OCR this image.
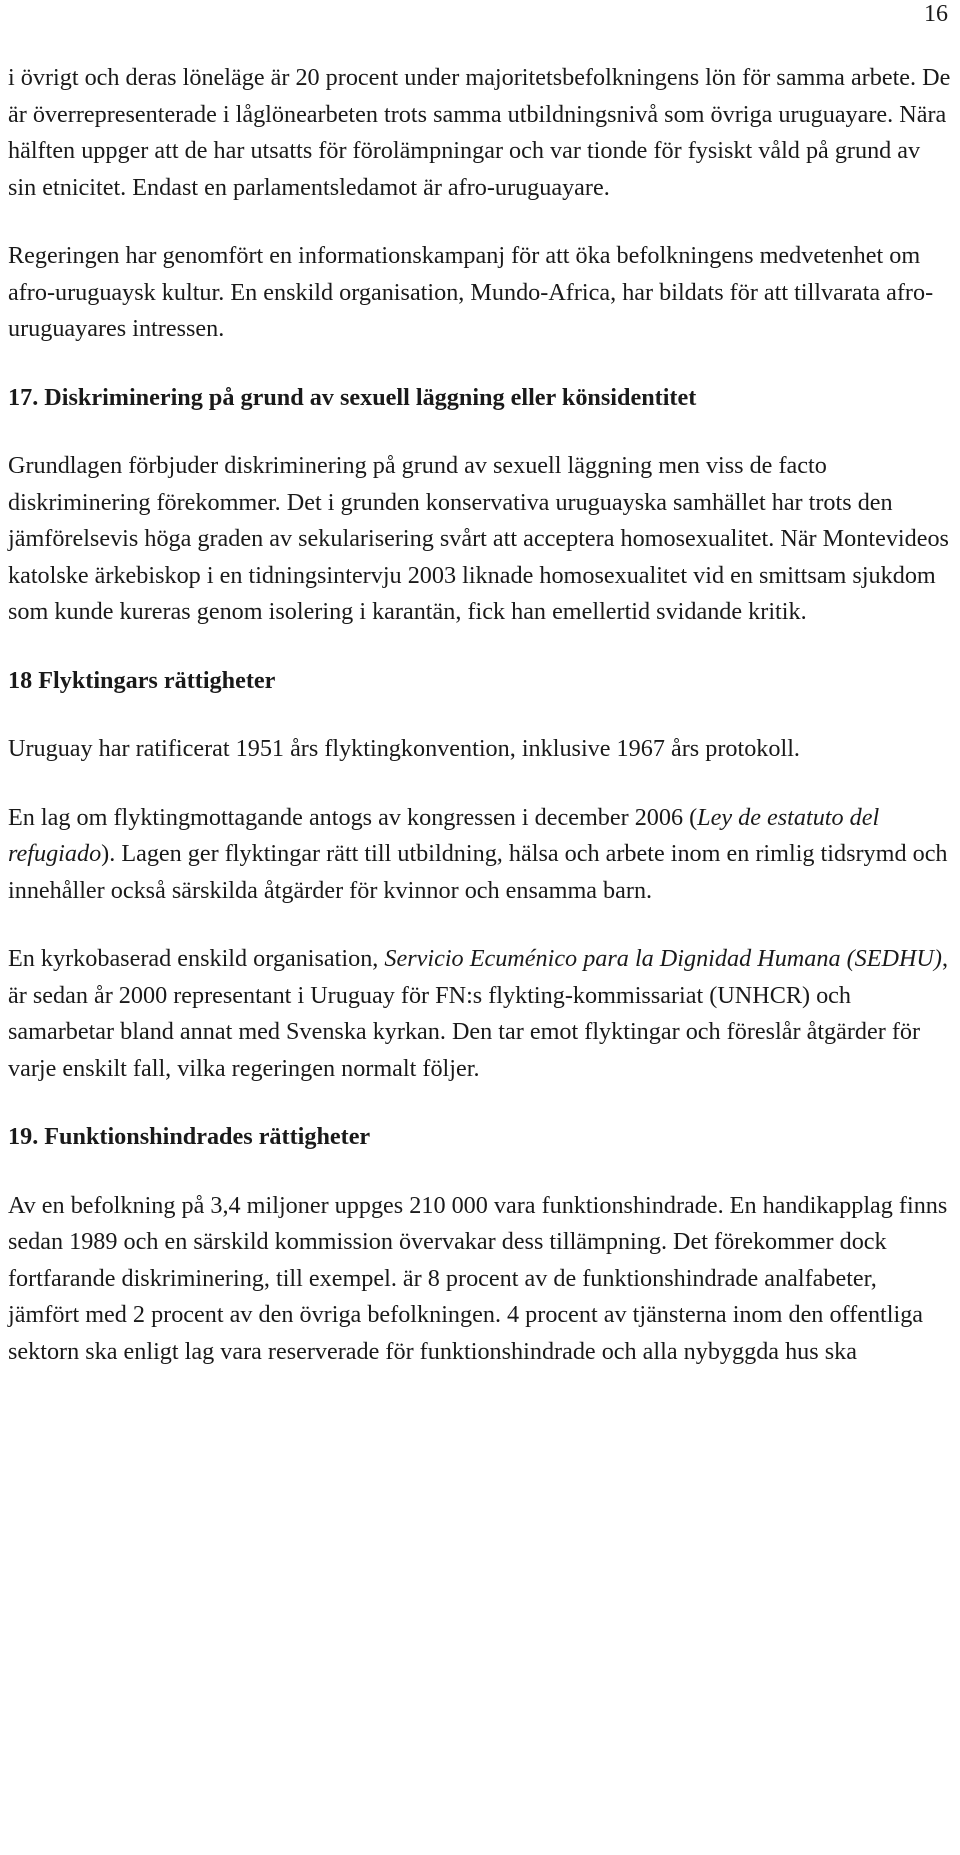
16

i övrigt och deras löneläge är 20 procent under majoritetsbefolkningens lön för samma arbete. De är överrepresenterade i låglönearbeten trots samma utbildningsnivå som övriga uruguayare. Nära hälften uppger att de har utsatts för förolämpningar och var tionde för fysiskt våld på grund av sin etnicitet. Endast en parlamentsledamot är afro-uruguayare.

Regeringen har genomfört en informationskampanj för att öka befolkningens medvetenhet om afro-uruguaysk kultur. En enskild organisation, Mundo-Africa, har bildats för att tillvarata afro-uruguayares intressen.

17. Diskriminering på grund av sexuell läggning eller könsidentitet

Grundlagen förbjuder diskriminering på grund av sexuell läggning men viss de facto diskriminering förekommer. Det i grunden konservativa uruguayska samhället har trots den jämförelsevis höga graden av sekularisering svårt att acceptera homosexualitet. När Montevideos katolske ärkebiskop i en tidningsintervju 2003 liknade homosexualitet vid en smittsam sjukdom som kunde kureras genom isolering i karantän, fick han emellertid svidande kritik.

18 Flyktingars rättigheter

Uruguay har ratificerat 1951 års flyktingkonvention, inklusive 1967 års protokoll.

En lag om flyktingmottagande antogs av kongressen i december 2006 (Ley de estatuto del refugiado). Lagen ger flyktingar rätt till utbildning, hälsa och arbete inom en rimlig tidsrymd och innehåller också särskilda åtgärder för kvinnor och ensamma barn.

En kyrkobaserad enskild organisation, Servicio Ecuménico para la Dignidad Humana (SEDHU), är sedan år 2000 representant i Uruguay för FN:s flykting-kommissariat (UNHCR) och samarbetar bland annat med Svenska kyrkan. Den tar emot flyktingar och föreslår åtgärder för varje enskilt fall, vilka regeringen normalt följer.

19. Funktionshindrades rättigheter

Av en befolkning på 3,4 miljoner uppges 210 000 vara funktionshindrade. En handikapplag finns sedan 1989 och en särskild kommission övervakar dess tillämpning. Det förekommer dock fortfarande diskriminering, till exempel. är 8 procent av de funktionshindrade analfabeter, jämfört med 2 procent av den övriga befolkningen. 4 procent av tjänsterna inom den offentliga sektorn ska enligt lag vara reserverade för funktionshindrade och alla nybyggda hus ska
